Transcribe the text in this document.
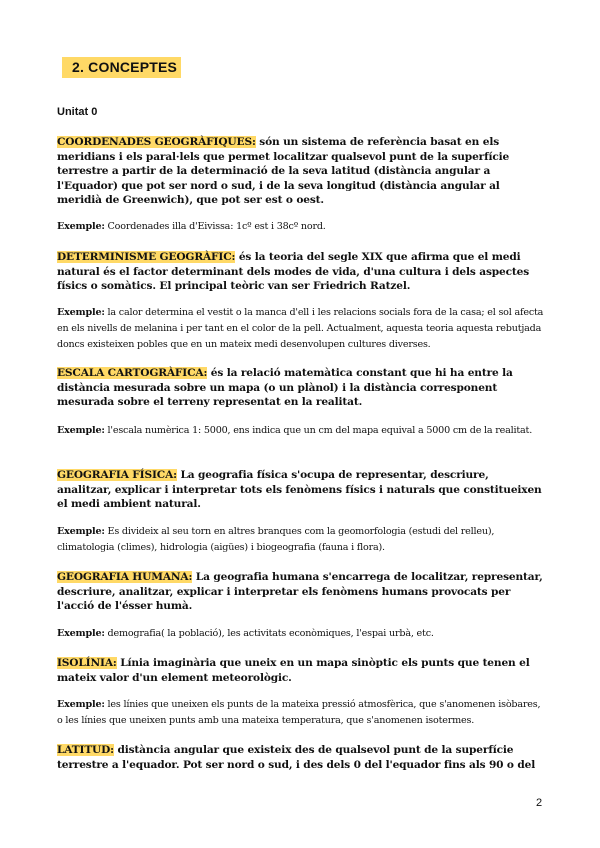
2. CONCEPTES
Unitat 0
COORDENADES GEOGRÀFIQUES: són un sistema de referència basat en els meridians i els paral·lels que permet localitzar qualsevol punt de la superfície terrestre a partir de la determinació de la seva latitud (distància angular a l'Equador) que pot ser nord o sud, i de la seva longitud (distància angular al meridià de Greenwich), que pot ser est o oest.
Exemple: Coordenades illa d'Eivissa: 1cº est i 38cº nord.
DETERMINISME GEOGRÀFIC: és la teoria del segle XIX que afirma que el medi natural és el factor determinant dels modes de vida, d'una cultura i dels aspectes físics o somàtics. El principal teòric van ser Friedrich Ratzel.
Exemple: la calor determina el vestit o la manca d'ell i les relacions socials fora de la casa; el sol afecta en els nivells de melanina i per tant en el color de la pell. Actualment, aquesta teoria aquesta rebutjada doncs existeixen pobles que en un mateix medi desenvolupen cultures diverses.
ESCALA CARTOGRÀFICA: és la relació matemàtica constant que hi ha entre la distància mesurada sobre un mapa (o un plànol) i la distància corresponent mesurada sobre el terreny representat en la realitat.
Exemple: l'escala numèrica 1: 5000, ens indica que un cm del mapa equival a 5000 cm de la realitat.
GEOGRAFIA FÍSICA: La geografia física s'ocupa de representar, descriure, analitzar, explicar i interpretar tots els fenòmens físics i naturals que constitueixen el medi ambient natural.
Exemple: Es divideix al seu torn en altres branques com la geomorfologia (estudi del relleu), climatologia (climes), hidrologia (aigües) i biogeografia (fauna i flora).
GEOGRAFIA HUMANA: La geografia humana s'encarrega de localitzar, representar, descriure, analitzar, explicar i interpretar els fenòmens humans provocats per l'acció de l'ésser humà.
Exemple: demografia( la població), les activitats econòmiques, l'espai urbà, etc.
ISOLÍNIA: Línia imaginària que uneix en un mapa sinòptic els punts que tenen el mateix valor d'un element meteorològic.
Exemple: les línies que uneixen els punts de la mateixa pressió atmosfèrica, que s'anomenen isòbares, o les línies que uneixen punts amb una mateixa temperatura, que s'anomenen isotermes.
LATITUD: distància angular que existeix des de qualsevol punt de la superfície terrestre a l'equador. Pot ser nord o sud, i des dels 0 del l'equador fins als 90 o del
2
